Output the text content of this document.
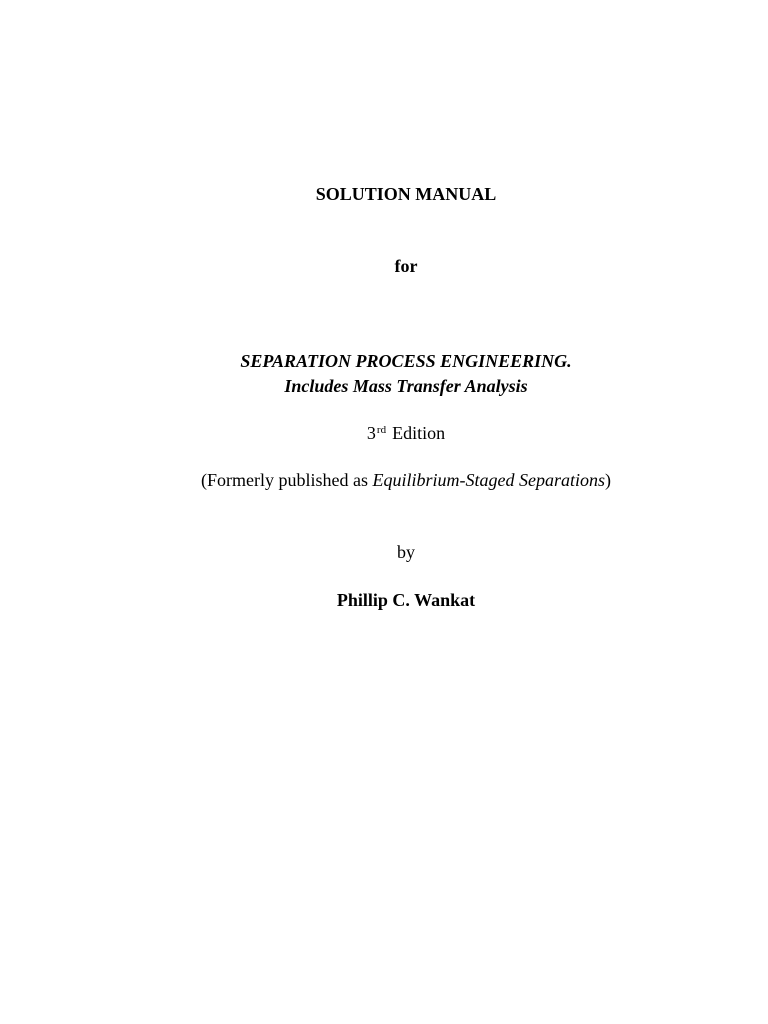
SOLUTION MANUAL
for
SEPARATION PROCESS ENGINEERING.
Includes Mass Transfer Analysis
3rd Edition
(Formerly published as Equilibrium-Staged Separations)
by
Phillip C. Wankat
